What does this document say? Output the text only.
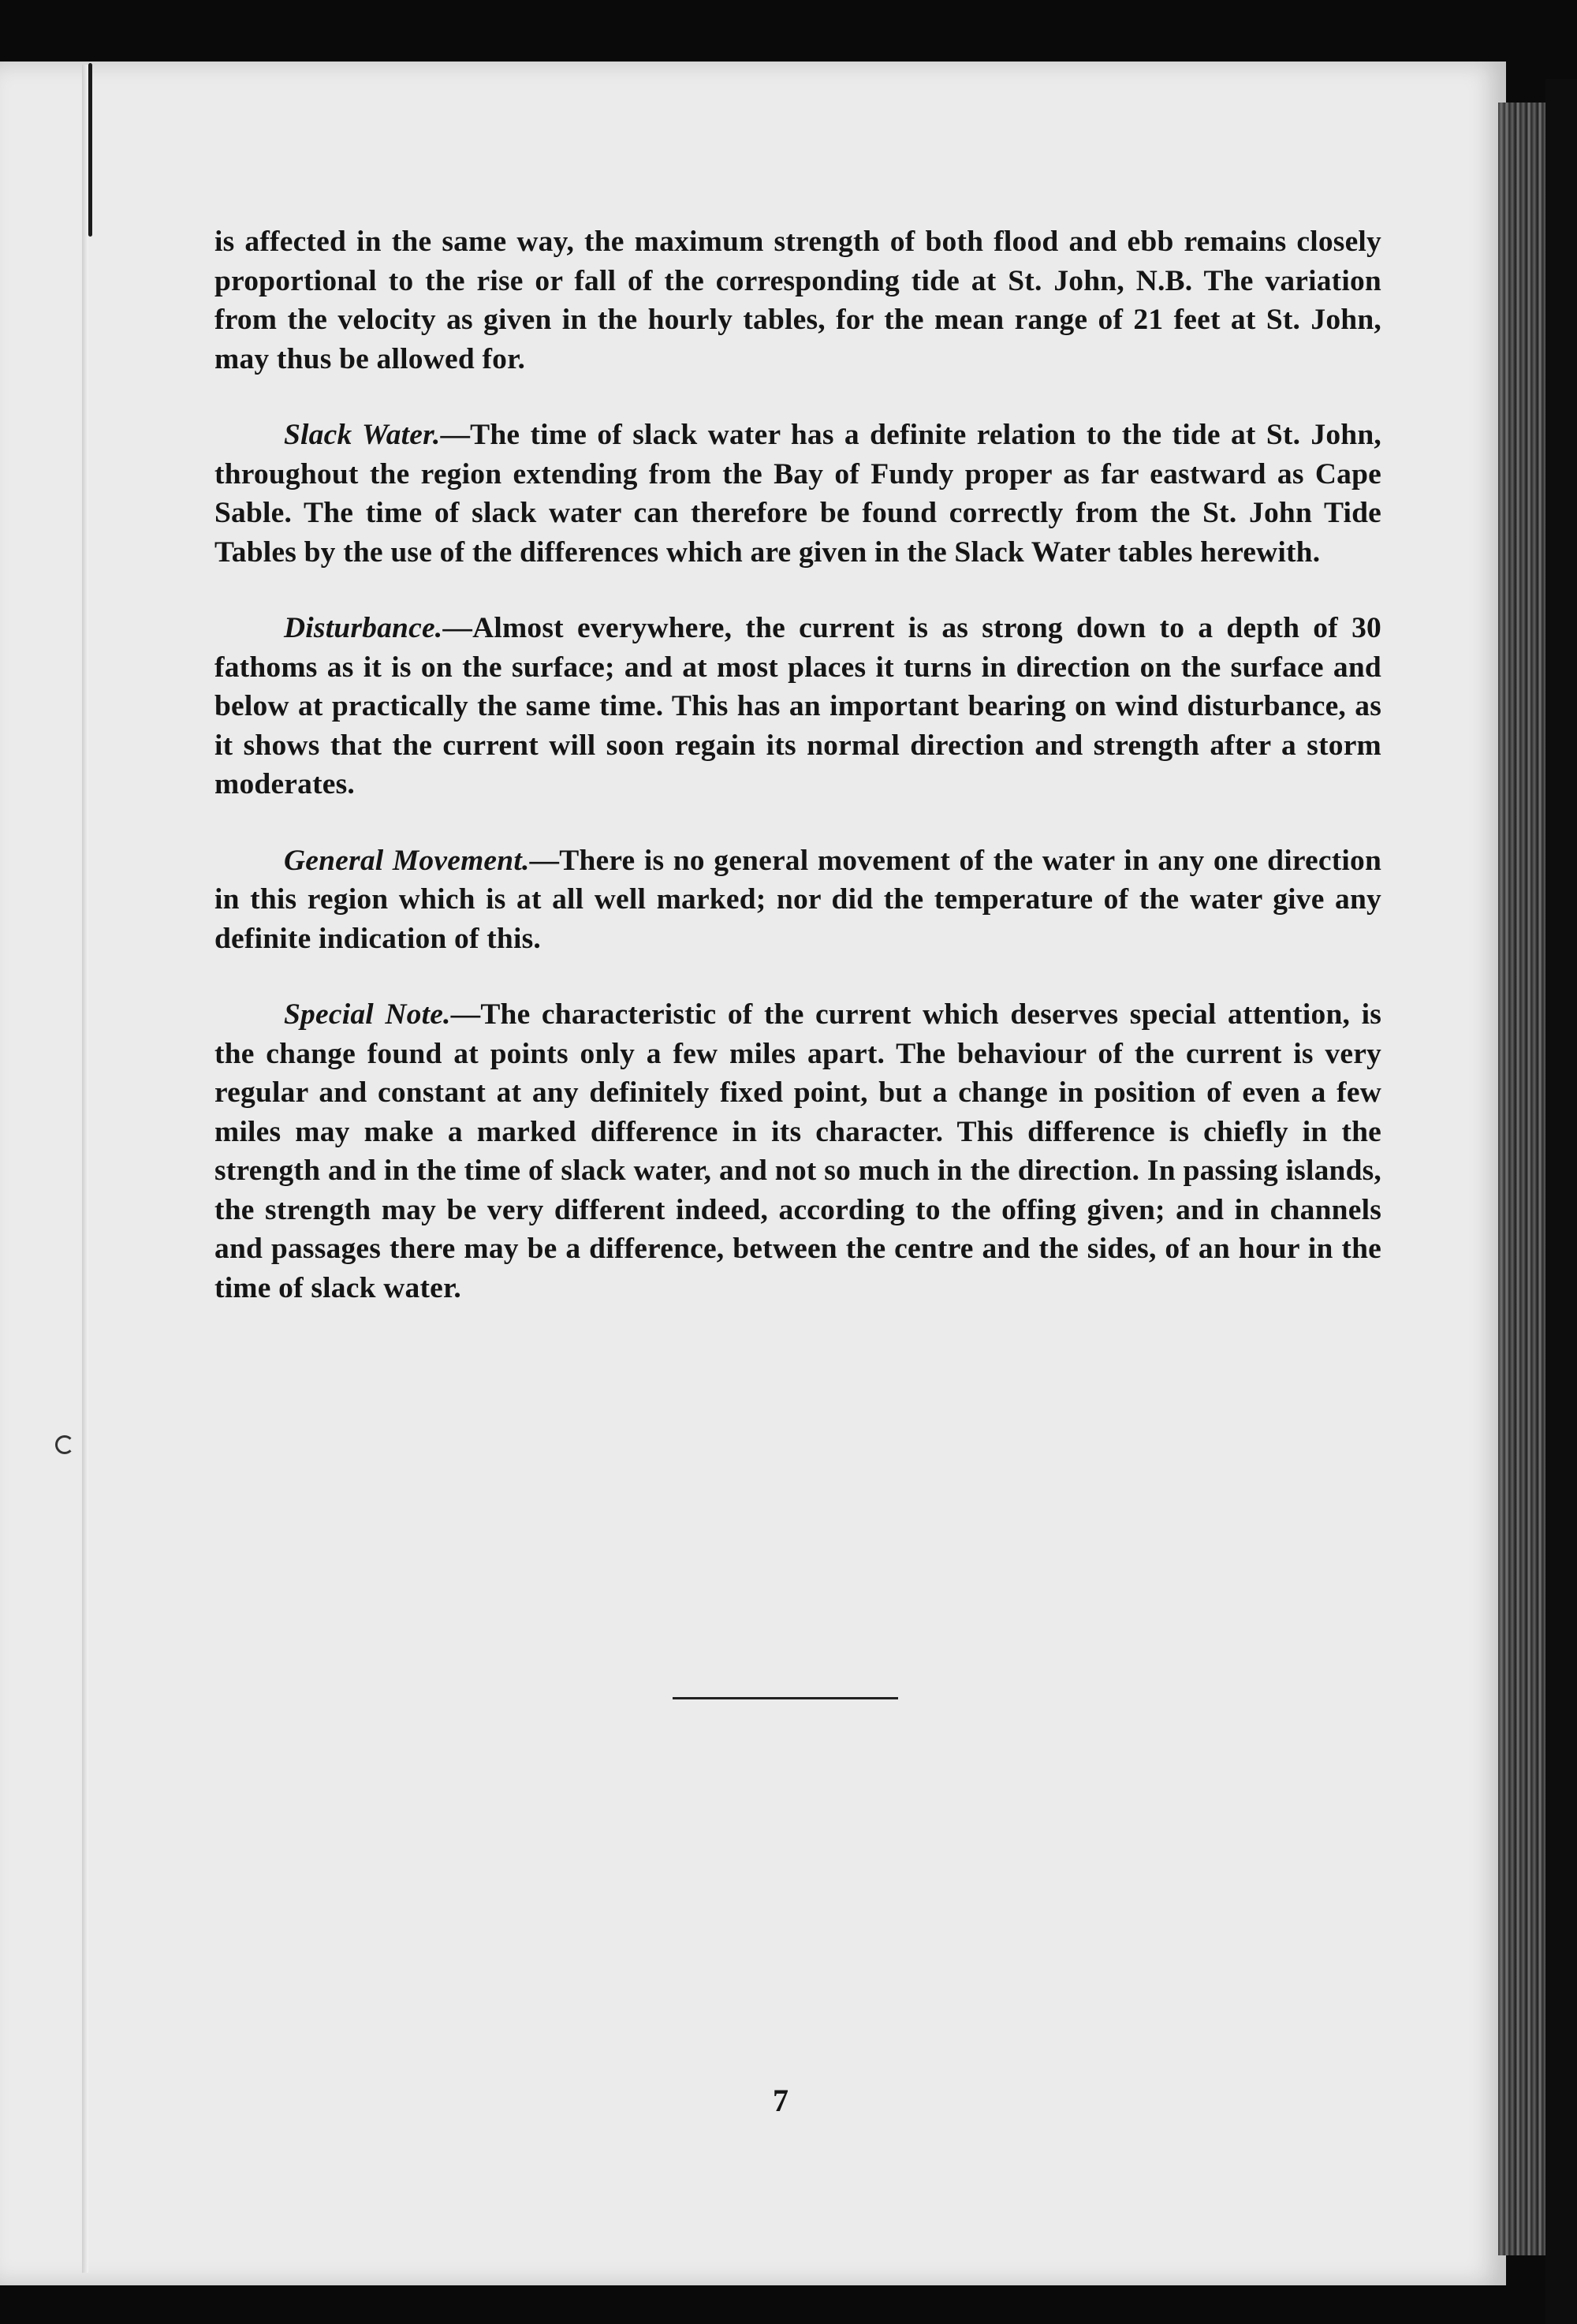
is affected in the same way, the maximum strength of both flood and ebb remains closely proportional to the rise or fall of the corresponding tide at St. John, N.B. The variation from the velocity as given in the hourly tables, for the mean range of 21 feet at St. John, may thus be allowed for.

Slack Water.—The time of slack water has a definite relation to the tide at St. John, throughout the region extending from the Bay of Fundy proper as far eastward as Cape Sable. The time of slack water can therefore be found correctly from the St. John Tide Tables by the use of the differences which are given in the Slack Water tables herewith.

Disturbance.—Almost everywhere, the current is as strong down to a depth of 30 fathoms as it is on the surface; and at most places it turns in direction on the surface and below at practically the same time. This has an important bearing on wind disturbance, as it shows that the current will soon regain its normal direction and strength after a storm moderates.

General Movement.—There is no general movement of the water in any one direction in this region which is at all well marked; nor did the temperature of the water give any definite indication of this.

Special Note.—The characteristic of the current which deserves special attention, is the change found at points only a few miles apart. The behaviour of the current is very regular and constant at any definitely fixed point, but a change in position of even a few miles may make a marked difference in its character. This difference is chiefly in the strength and in the time of slack water, and not so much in the direction. In passing islands, the strength may be very different indeed, according to the offing given; and in channels and passages there may be a difference, between the centre and the sides, of an hour in the time of slack water.

7
